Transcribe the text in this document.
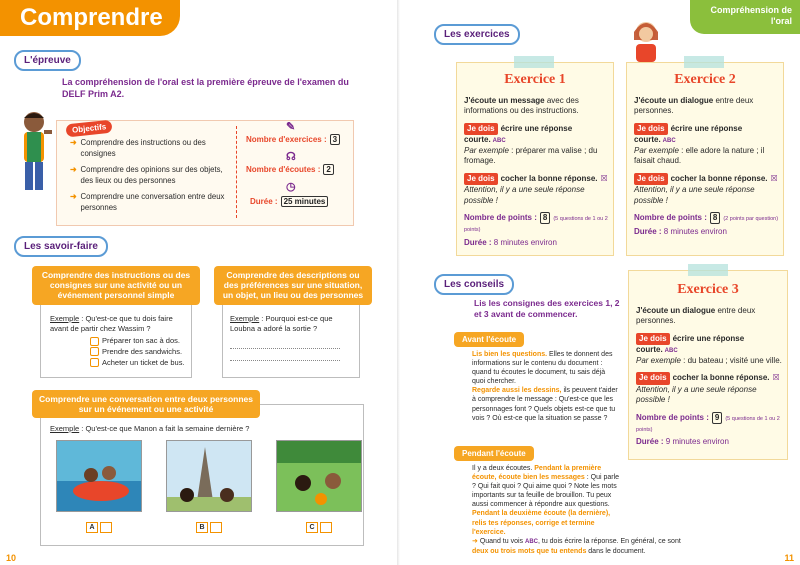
Comprendre
L'épreuve
La compréhension de l'oral est la première épreuve de l'examen du
DELF Prim A2.
Objectifs
➜ Comprendre des instructions ou des consignes
➜ Comprendre des opinions sur des objets, des lieux ou des personnes
➜ Comprendre une conversation entre deux personnes
✎
Nombre d'exercices : 3
☊
Nombre d'écoutes : 2
◷
Durée : 25 minutes
Les savoir-faire
Comprendre des instructions ou des consignes sur une activité ou un événement personnel simple
Exemple : Qu'est-ce que tu dois faire avant de partir chez Wassim ?
Préparer ton sac à dos.
Prendre des sandwichs.
Acheter un ticket de bus.
Comprendre des descriptions ou des préférences sur une situation, un objet, un lieu ou des personnes
Exemple : Pourquoi est-ce que Loubna a adoré la sortie ?
Comprendre une conversation entre deux personnes sur un événement ou une activité
Exemple : Qu'est-ce que Manon a fait la semaine dernière ?
A	B	C
10
Compréhension de l'oral
Les exercices
Exercice 1
J'écoute un message avec des informations ou des instructions.
Je dois écrire une réponse courte. ABC
Par exemple : préparer ma valise ; du fromage.
Je dois cocher la bonne réponse. ☒
Attention, il y a une seule réponse possible !
Nombre de points : 8 (5 questions de 1 ou 2 points)
Durée : 8 minutes environ
Exercice 2
J'écoute un dialogue entre deux personnes.
Je dois écrire une réponse courte. ABC
Par exemple : elle adore la nature ; il faisait chaud.
Je dois cocher la bonne réponse. ☒
Attention, il y a une seule réponse possible !
Nombre de points : 8 (2 points par question)
Durée : 8 minutes environ
Les conseils
Lis les consignes des exercices 1, 2 et 3 avant de commencer.
Avant l'écoute
Lis bien les questions. Elles te donnent des informations sur le contenu du document : quand tu écoutes le document, tu sais déjà quoi chercher.
Regarde aussi les dessins, ils peuvent t'aider à comprendre le message : Qu'est-ce que les personnages font ? Quels objets est-ce que tu vois ? Où est-ce que la situation se passe ?
Pendant l'écoute
Il y a deux écoutes. Pendant la première écoute, écoute bien les messages : Qui parle ? Qui fait quoi ? Qui aime quoi ? Note les mots importants sur ta feuille de brouillon. Tu peux aussi commencer à répondre aux questions.
Pendant la deuxième écoute (la dernière), relis tes réponses, corrige et termine l'exercice.
➜ Quand tu vois ABC, tu dois écrire la réponse. En général, ce sont
deux ou trois mots que tu entends dans le document.
Exercice 3
J'écoute un dialogue entre deux personnes.
Je dois écrire une réponse courte. ABC
Par exemple : du bateau ; visité une ville.
Je dois cocher la bonne réponse. ☒
Attention, il y a une seule réponse possible !
Nombre de points : 9 (5 questions de 1 ou 2 points)
Durée : 9 minutes environ
11
